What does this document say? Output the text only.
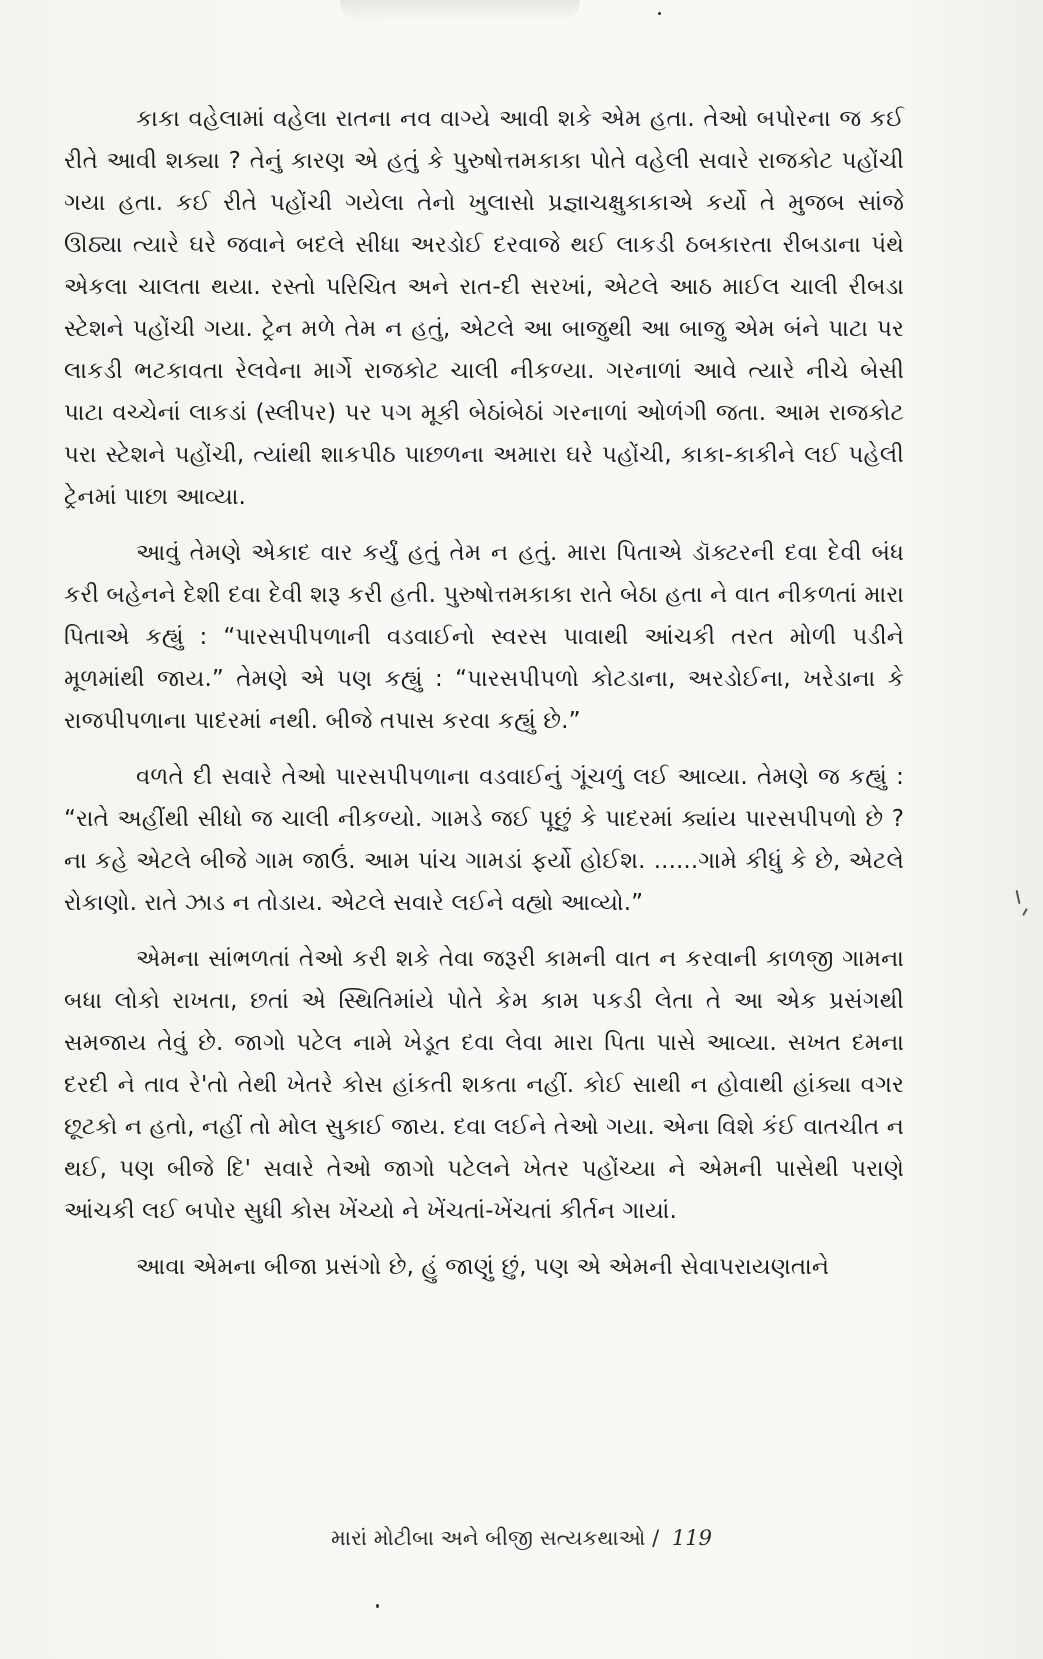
કાકા વહેલામાં વહેલા રાતના નવ વાગ્યે આવી શકે એમ હતા. તેઓ બપોરના જ કઈ રીતે આવી શક્યા ? તેનું કારણ એ હતું કે પુરુષોત્તમકાકા પોતે વહેલી સવારે રાજકોટ પહોંચી ગયા હતા. કઈ રીતે પહોંચી ગયેલા તેનો ખુલાસો પ્રજ્ઞાચક્ષુકાકાએ કર્યો તે મુજબ સાંજે ઊઠ્યા ત્યારે ઘરે જવાને બદલે સીધા અરડોઈ દરવાજે થઈ લાકડી ઠબકારતા રીબડાના પંથે એકલા ચાલતા થયા. રસ્તો પરિચિત અને રાત-દી સરખાં, એટલે આઠ માઈલ ચાલી રીબડા સ્ટેશને પહોંચી ગયા. ટ્રેન મળે તેમ ન હતું, એટલે આ બાજુથી આ બાજુ એમ બંને પાટા પર લાકડી ભટકાવતા રેલવેના માર્ગે રાજકોટ ચાલી નીકળ્યા. ગરનાળાં આવે ત્યારે નીચે બેસી પાટા વચ્ચેનાં લાકડાં (સ્લીપર) પર પગ મૂકી બેઠાંબેઠાં ગરનાળાં ઓળંગી જતા. આમ રાજકોટ પરા સ્ટેશને પહોંચી, ત્યાંથી શાકપીઠ પાછળના અમારા ઘરે પહોંચી, કાકા-કાકીને લઈ પહેલી ટ્રેનમાં પાછા આવ્યા.

આવું તેમણે એકાદ વાર કર્યું હતું તેમ ન હતું. મારા પિતાએ ડૉક્ટરની દવા દેવી બંધ કરી બહેનને દેશી દવા દેવી શરૂ કરી હતી. પુરુષોત્તમકાકા રાતે બેઠા હતા ને વાત નીકળતાં મારા પિતાએ કહ્યું : “પારસપીપળાની વડવાઈનો સ્વરસ પાવાથી આંચકી તરત મોળી પડીને મૂળમાંથી જાય.” તેમણે એ પણ કહ્યું : “પારસપીપળો કોટડાના, અરડોઈના, ખરેડાના કે રાજપીપળાના પાદરમાં નથી. બીજે તપાસ કરવા કહ્યું છે.”

વળતે દી સવારે તેઓ પારસપીપળાના વડવાઈનું ગૂંચળું લઈ આવ્યા. તેમણે જ કહ્યું : “રાતે અહીંથી સીધો જ ચાલી નીકળ્યો. ગામડે જઈ પૂછું કે પાદરમાં ક્યાંય પારસપીપળો છે ? ના કહે એટલે બીજે ગામ જાઉં. આમ પાંચ ગામડાં ફર્યો હોઈશ. ......ગામે કીધું કે છે, એટલે રોકાણો. રાતે ઝાડ ન તોડાય. એટલે સવારે લઈને વહ્યો આવ્યો.”

એમના સાંભળતાં તેઓ કરી શકે તેવા જરૂરી કામની વાત ન કરવાની કાળજી ગામના બધા લોકો રાખતા, છતાં એ સ્થિતિમાંયે પોતે કેમ કામ પકડી લેતા તે આ એક પ્રસંગથી સમજાય તેવું છે. જાગો પટેલ નામે ખેડૂત દવા લેવા મારા પિતા પાસે આવ્યા. સખત દમના દરદી ને તાવ રે'તો તેથી ખેતરે કોસ હાંકતી શકતા નહીં. કોઈ સાથી ન હોવાથી હાંક્યા વગર છૂટકો ન હતો, નહીં તો મોલ સુકાઈ જાય. દવા લઈને તેઓ ગયા. એના વિશે કંઈ વાતચીત ન થઈ, પણ બીજે દિ' સવારે તેઓ જાગો પટેલને ખેતર પહોંચ્યા ને એમની પાસેથી પરાણે આંચકી લઈ બપોર સુધી કોસ ખેંચ્યો ને ખેંચતાં-ખેંચતાં કીર્તન ગાયાં.

આવા એમના બીજા પ્રસંગો છે, હું જાણું છું, પણ એ એમની સેવાપરાયણતાને

મારાં મોટીબા અને બીજી સત્યકથાઓ / 119
